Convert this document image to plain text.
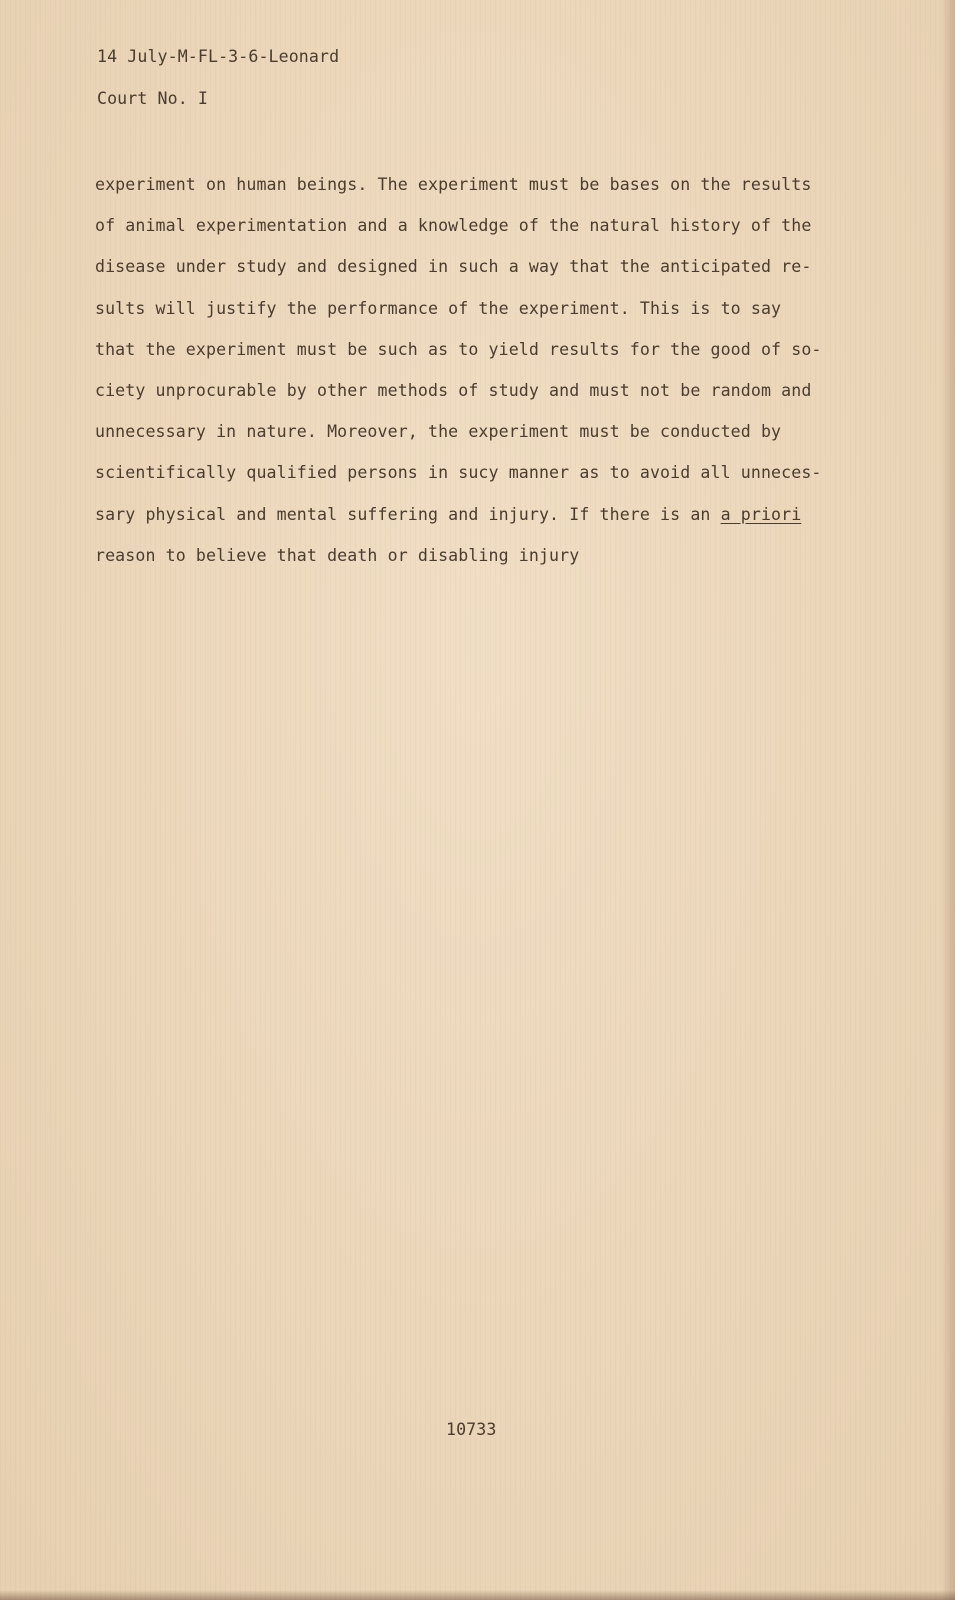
14 July-M-FL-3-6-Leonard
Court No. I
experiment on human beings. The experiment must be bases on the results
of animal experimentation and a knowledge of the natural history of the
disease under study and designed in such a way that the anticipated re-
sults will justify the performance of the experiment. This is to say
that the experiment must be such as to yield results for the good of so-
ciety unprocurable by other methods of study and must not be random and
unnecessary in nature. Moreover, the experiment must be conducted by
scientifically qualified persons in sucy manner as to avoid all unneces-
sary physical and mental suffering and injury. If there is an a priori
reason to believe that death or disabling injury
10733
